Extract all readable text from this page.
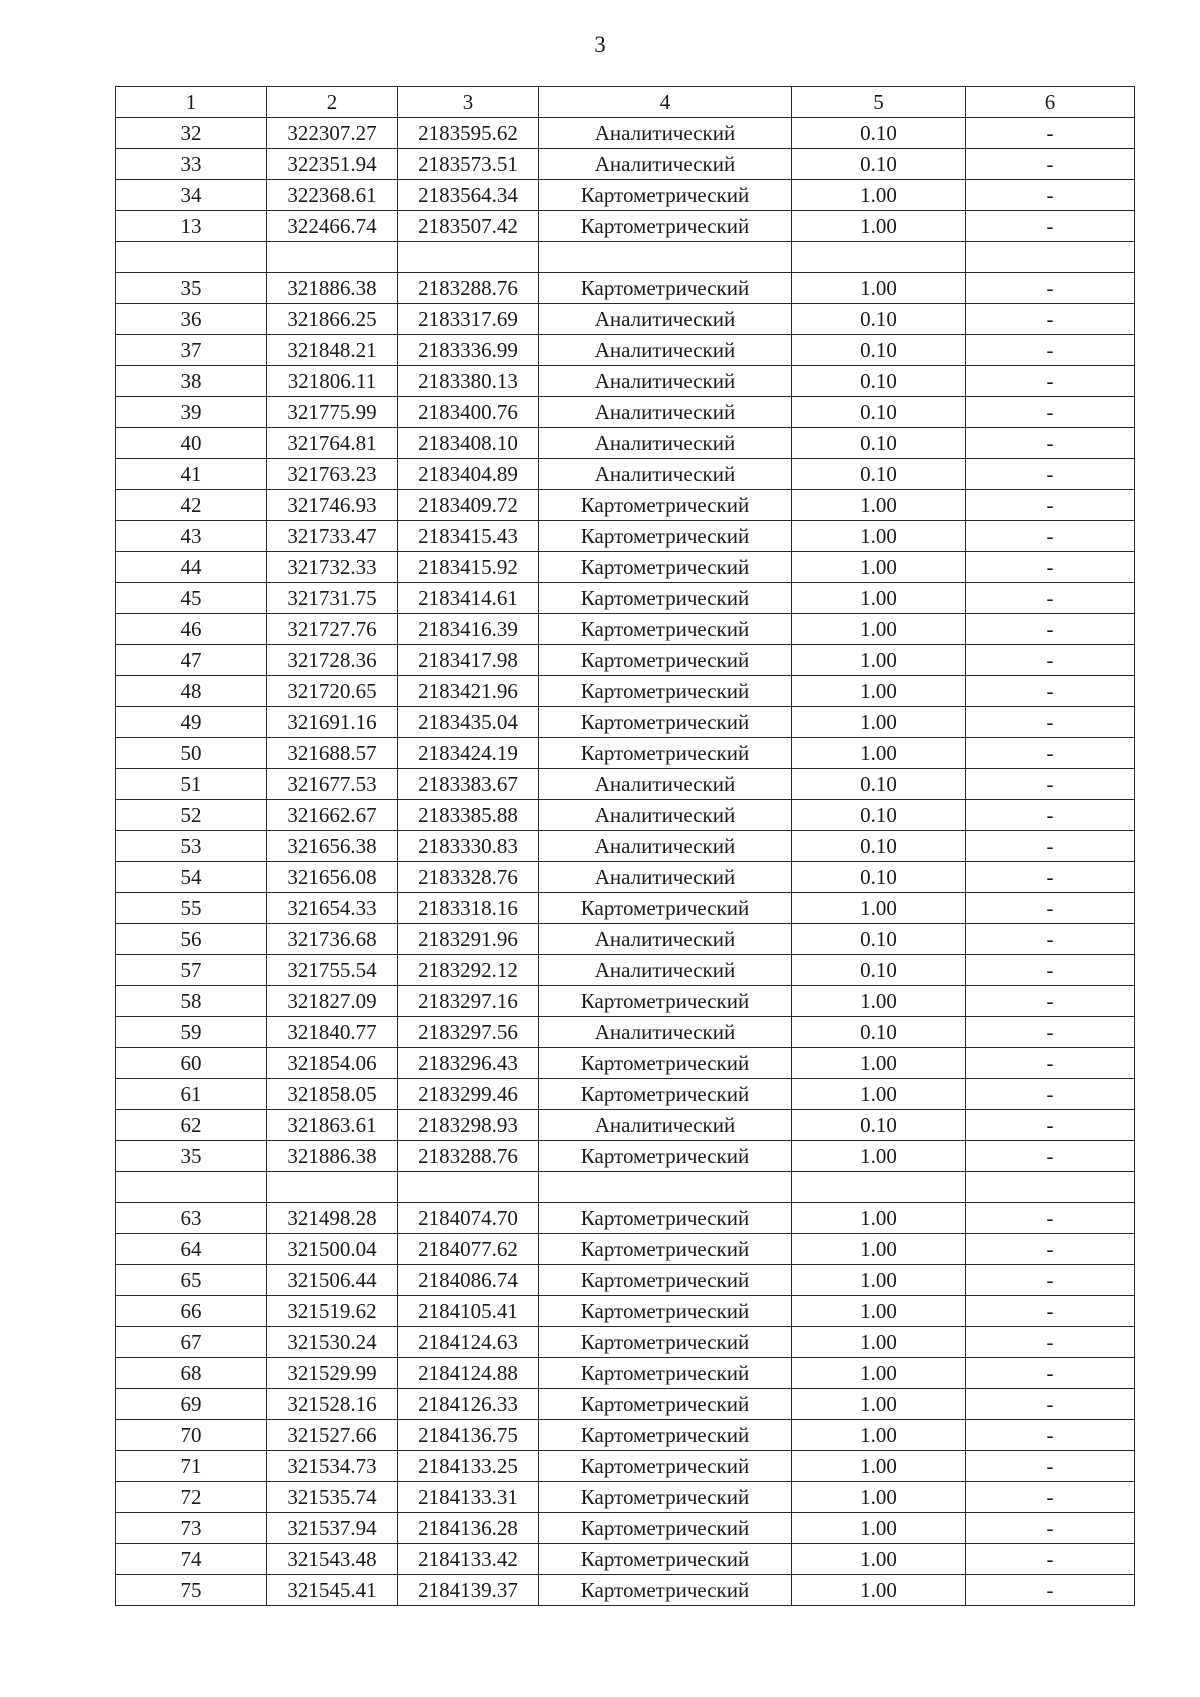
3
1	2	3	4	5	6
32	322307.27	2183595.62	Аналитический	0.10	-
33	322351.94	2183573.51	Аналитический	0.10	-
34	322368.61	2183564.34	Картометрический	1.00	-
13	322466.74	2183507.42	Картометрический	1.00	-

35	321886.38	2183288.76	Картометрический	1.00	-
36	321866.25	2183317.69	Аналитический	0.10	-
37	321848.21	2183336.99	Аналитический	0.10	-
38	321806.11	2183380.13	Аналитический	0.10	-
39	321775.99	2183400.76	Аналитический	0.10	-
40	321764.81	2183408.10	Аналитический	0.10	-
41	321763.23	2183404.89	Аналитический	0.10	-
42	321746.93	2183409.72	Картометрический	1.00	-
43	321733.47	2183415.43	Картометрический	1.00	-
44	321732.33	2183415.92	Картометрический	1.00	-
45	321731.75	2183414.61	Картометрический	1.00	-
46	321727.76	2183416.39	Картометрический	1.00	-
47	321728.36	2183417.98	Картометрический	1.00	-
48	321720.65	2183421.96	Картометрический	1.00	-
49	321691.16	2183435.04	Картометрический	1.00	-
50	321688.57	2183424.19	Картометрический	1.00	-
51	321677.53	2183383.67	Аналитический	0.10	-
52	321662.67	2183385.88	Аналитический	0.10	-
53	321656.38	2183330.83	Аналитический	0.10	-
54	321656.08	2183328.76	Аналитический	0.10	-
55	321654.33	2183318.16	Картометрический	1.00	-
56	321736.68	2183291.96	Аналитический	0.10	-
57	321755.54	2183292.12	Аналитический	0.10	-
58	321827.09	2183297.16	Картометрический	1.00	-
59	321840.77	2183297.56	Аналитический	0.10	-
60	321854.06	2183296.43	Картометрический	1.00	-
61	321858.05	2183299.46	Картометрический	1.00	-
62	321863.61	2183298.93	Аналитический	0.10	-
35	321886.38	2183288.76	Картометрический	1.00	-

63	321498.28	2184074.70	Картометрический	1.00	-
64	321500.04	2184077.62	Картометрический	1.00	-
65	321506.44	2184086.74	Картометрический	1.00	-
66	321519.62	2184105.41	Картометрический	1.00	-
67	321530.24	2184124.63	Картометрический	1.00	-
68	321529.99	2184124.88	Картометрический	1.00	-
69	321528.16	2184126.33	Картометрический	1.00	-
70	321527.66	2184136.75	Картометрический	1.00	-
71	321534.73	2184133.25	Картометрический	1.00	-
72	321535.74	2184133.31	Картометрический	1.00	-
73	321537.94	2184136.28	Картометрический	1.00	-
74	321543.48	2184133.42	Картометрический	1.00	-
75	321545.41	2184139.37	Картометрический	1.00	-
